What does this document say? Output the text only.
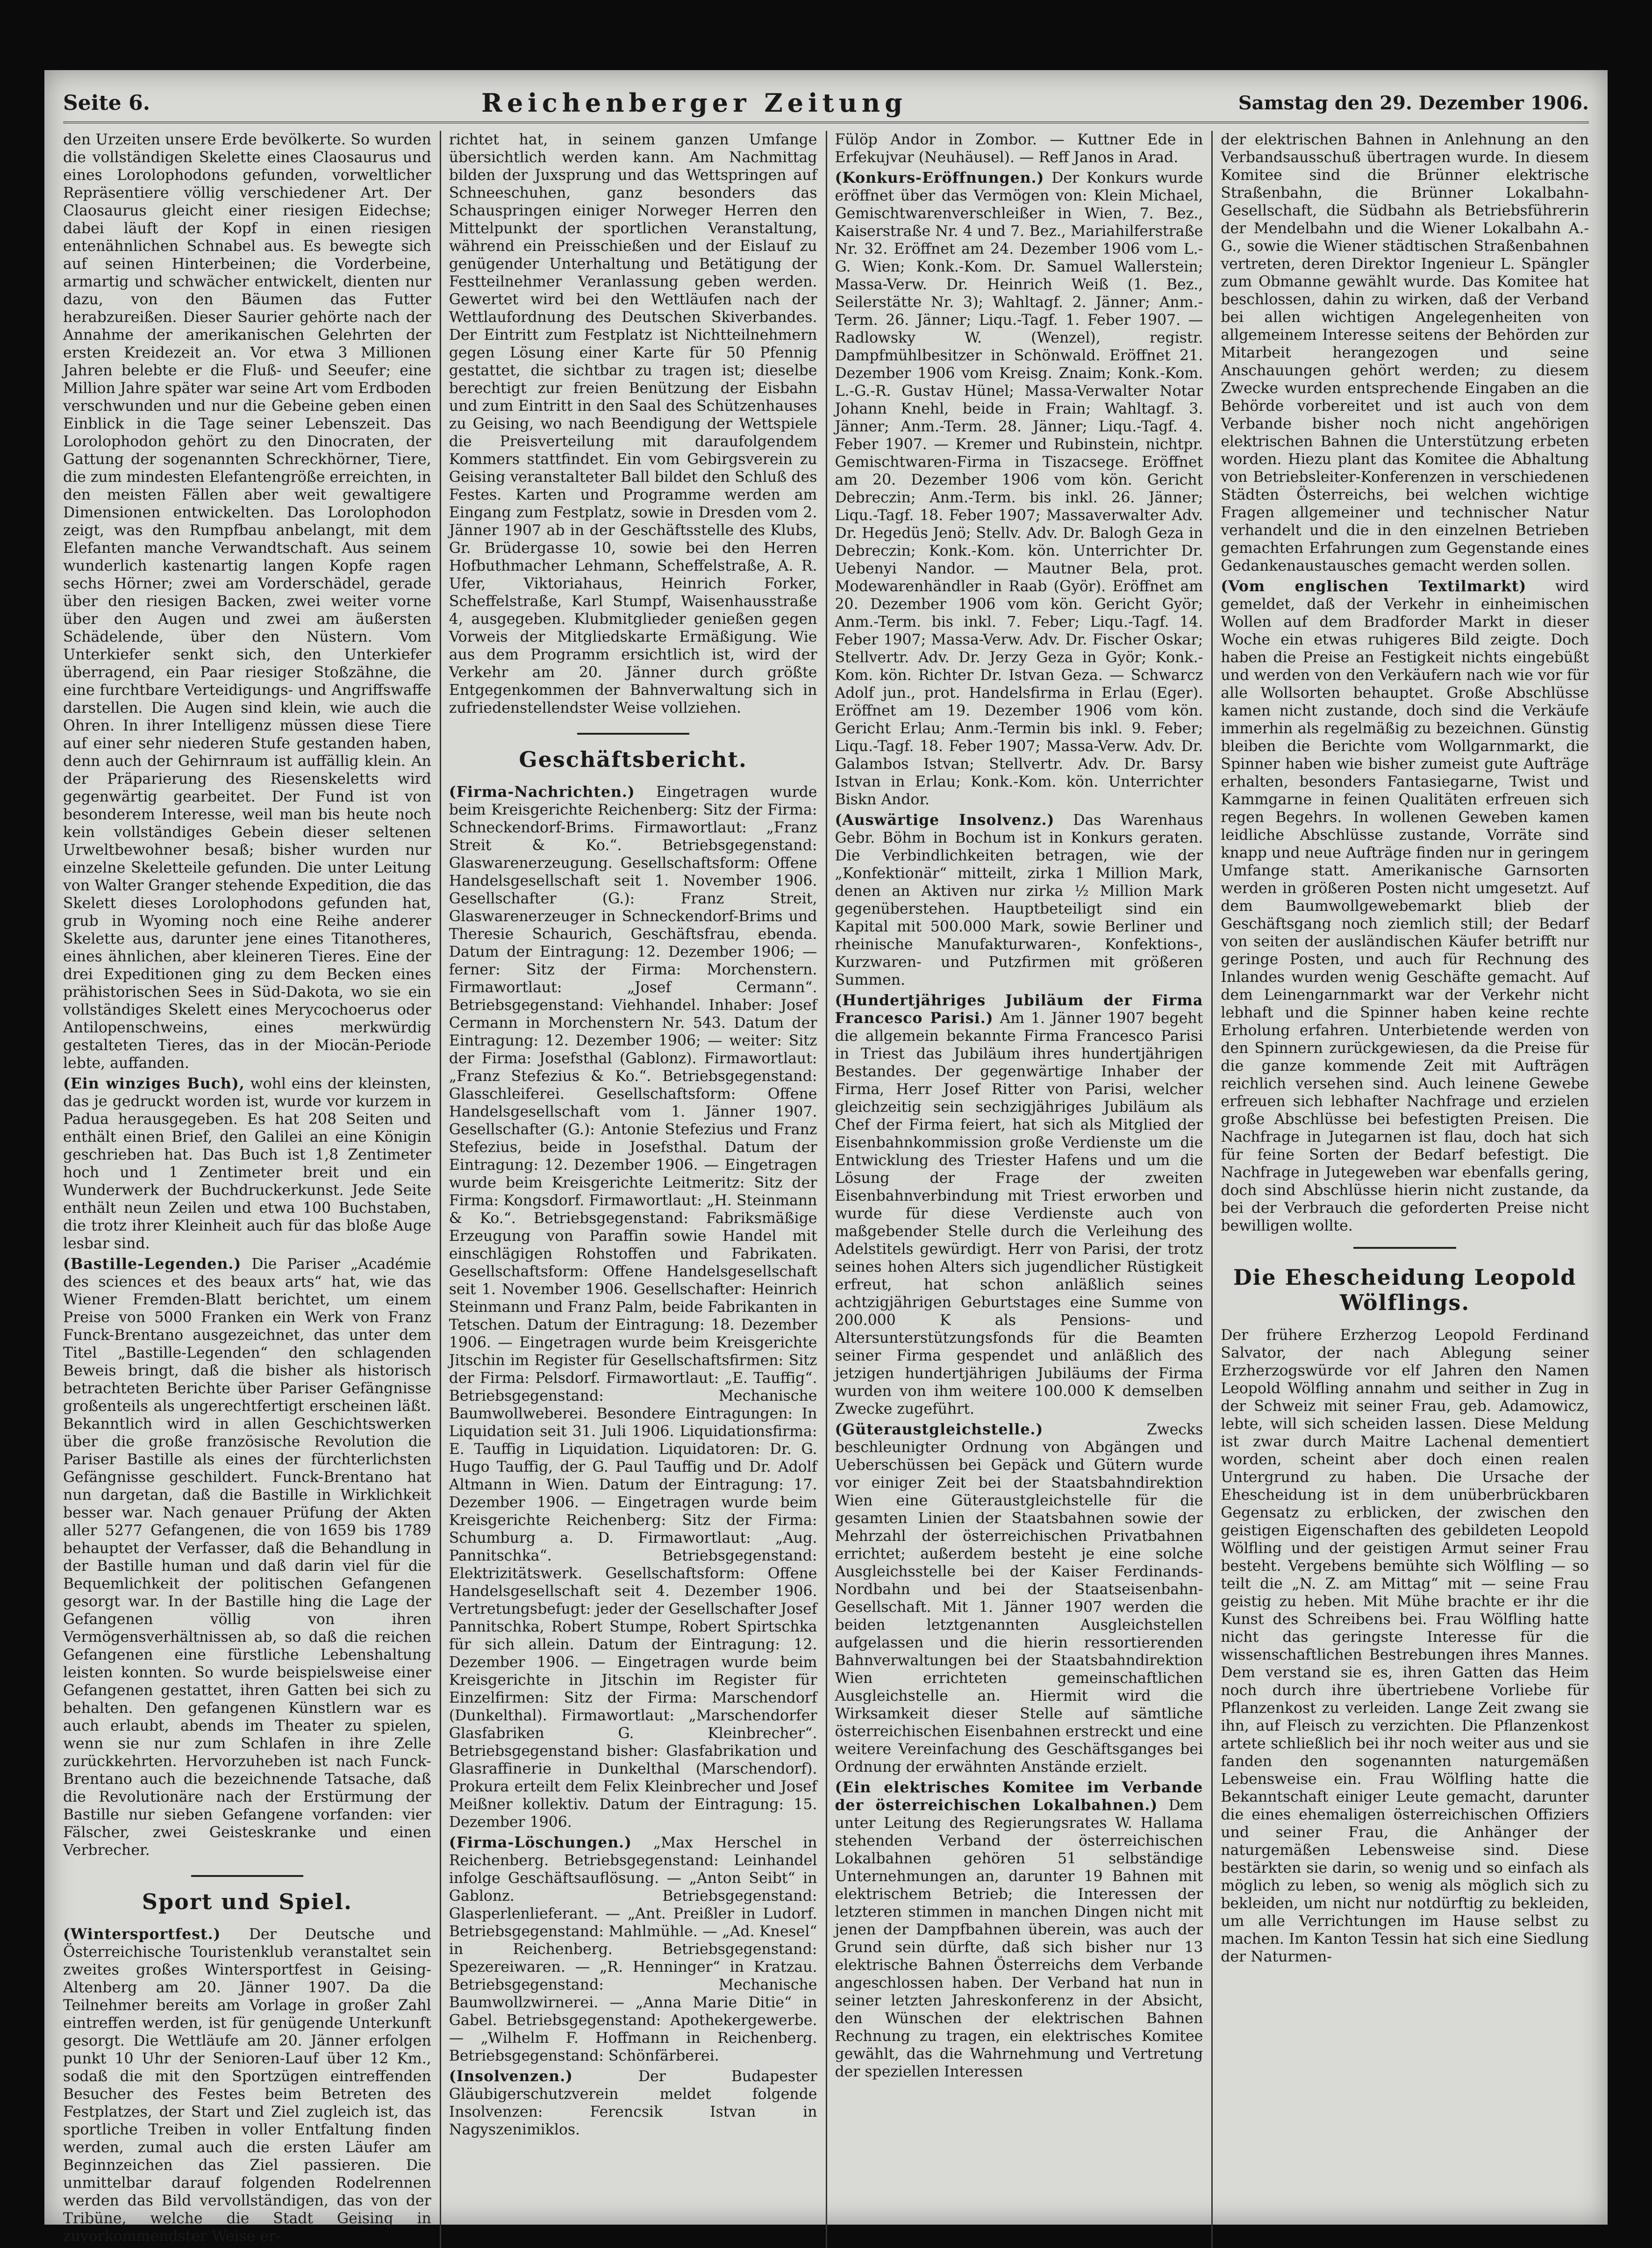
Seite 6.	Reichenberger Zeitung	Samstag den 29. Dezember 1906.

den Urzeiten unsere Erde bevölkerte. So wurden die vollständigen Skelette eines Claosaurus und eines Lorolophodons gefunden, vorweltlicher Repräsentiere völlig verschiedener Art. Der Claosaurus gleicht einer riesigen Eidechse; dabei läuft der Kopf in einen riesigen entenähnlichen Schnabel aus. Es bewegte sich auf seinen Hinterbeinen; die Vorderbeine, armartig und schwächer entwickelt, dienten nur dazu, von den Bäumen das Futter herabzureißen. Dieser Saurier gehörte nach der Annahme der amerikanischen Gelehrten der ersten Kreidezeit an. Vor etwa 3 Millionen Jahren belebte er die Fluß- und Seeufer; eine Million Jahre später war seine Art vom Erdboden verschwunden und nur die Gebeine geben einen Einblick in die Tage seiner Lebenszeit. Das Lorolophodon gehört zu den Dinocraten, der Gattung der sogenannten Schreckhörner, Tiere, die zum mindesten Elefantengröße erreichten, in den meisten Fällen aber weit gewaltigere Dimensionen entwickelten. Das Lorolophodon zeigt, was den Rumpfbau anbelangt, mit dem Elefanten manche Verwandtschaft. Aus seinem wunderlich kastenartig langen Kopfe ragen sechs Hörner; zwei am Vorderschädel, gerade über den riesigen Backen, zwei weiter vorne über den Augen und zwei am äußersten Schädelende, über den Nüstern. Vom Unterkiefer senkt sich, den Unterkiefer überragend, ein Paar riesiger Stoßzähne, die eine furchtbare Verteidigungs- und Angriffswaffe darstellen. Die Augen sind klein, wie auch die Ohren. In ihrer Intelligenz müssen diese Tiere auf einer sehr niederen Stufe gestanden haben, denn auch der Gehirnraum ist auffällig klein. An der Präparierung des Riesenskeletts wird gegenwärtig gearbeitet. Der Fund ist von besonderem Interesse, weil man bis heute noch kein vollständiges Gebein dieser seltenen Urweltbewohner besaß; bisher wurden nur einzelne Skeletteile gefunden. Die unter Leitung von Walter Granger stehende Expedition, die das Skelett dieses Lorolophodons gefunden hat, grub in Wyoming noch eine Reihe anderer Skelette aus, darunter jene eines Titanotheres, eines ähnlichen, aber kleineren Tieres. Eine der drei Expeditionen ging zu dem Becken eines prähistorischen Sees in Süd-Dakota, wo sie ein vollständiges Skelett eines Merycochoerus oder Antilopenschweins, eines merkwürdig gestalteten Tieres, das in der Miocän-Periode lebte, auffanden.

(Ein winziges Buch), wohl eins der kleinsten, das je gedruckt worden ist, wurde vor kurzem in Padua herausgegeben. Es hat 208 Seiten und enthält einen Brief, den Galilei an eine Königin geschrieben hat. Das Buch ist 1,8 Zentimeter hoch und 1 Zentimeter breit und ein Wunderwerk der Buchdruckerkunst. Jede Seite enthält neun Zeilen und etwa 100 Buchstaben, die trotz ihrer Kleinheit auch für das bloße Auge lesbar sind.

(Bastille-Legenden.) Die Pariser „Académie des sciences et des beaux arts“ hat, wie das Wiener Fremden-Blatt berichtet, um einem Preise von 5000 Franken ein Werk von Franz Funck-Brentano ausgezeichnet, das unter dem Titel „Bastille-Legenden“ den schlagenden Beweis bringt, daß die bisher als historisch betrachteten Berichte über Pariser Gefängnisse großenteils als ungerechtfertigt erscheinen läßt. Bekanntlich wird in allen Geschichtswerken über die große französische Revolution die Pariser Bastille als eines der fürchterlichsten Gefängnisse geschildert. Funck-Brentano hat nun dargetan, daß die Bastille in Wirklichkeit besser war. Nach genauer Prüfung der Akten aller 5277 Gefangenen, die von 1659 bis 1789 behauptet der Verfasser, daß die Behandlung in der Bastille human und daß darin viel für die Bequemlichkeit der politischen Gefangenen gesorgt war. In der Bastille hing die Lage der Gefangenen völlig von ihren Vermögensverhältnissen ab, so daß die reichen Gefangenen eine fürstliche Lebenshaltung leisten konnten. So wurde beispielsweise einer Gefangenen gestattet, ihren Gatten bei sich zu behalten. Den gefangenen Künstlern war es auch erlaubt, abends im Theater zu spielen, wenn sie nur zum Schlafen in ihre Zelle zurückkehrten. Hervorzuheben ist nach Funck-Brentano auch die bezeichnende Tatsache, daß die Revolutionäre nach der Erstürmung der Bastille nur sieben Gefangene vorfanden: vier Fälscher, zwei Geisteskranke und einen Verbrecher.

Sport und Spiel.

(Wintersportfest.) Der Deutsche und Österreichische Touristenklub veranstaltet sein zweites großes Wintersportfest in Geising-Altenberg am 20. Jänner 1907. Da die Teilnehmer bereits am Vorlage in großer Zahl eintreffen werden, ist für genügende Unterkunft gesorgt. Die Wettläufe am 20. Jänner erfolgen punkt 10 Uhr der Senioren-Lauf über 12 Km., sodaß die mit den Sportzügen eintreffenden Besucher des Festes beim Betreten des Festplatzes, der Start und Ziel zugleich ist, das sportliche Treiben in voller Entfaltung finden werden, zumal auch die ersten Läufer am Beginnzeichen das Ziel passieren. Die unmittelbar darauf folgenden Rodelrennen werden das Bild vervollständigen, das von der Tribüne, welche die Stadt Geising in zuvorkommendster Weise er-

richtet hat, in seinem ganzen Umfange übersichtlich werden kann. Am Nachmittag bilden der Juxsprung und das Wettspringen auf Schneeschuhen, ganz besonders das Schauspringen einiger Norweger Herren den Mittelpunkt der sportlichen Veranstaltung, während ein Preisschießen und der Eislauf zu genügender Unterhaltung und Betätigung der Festteilnehmer Veranlassung geben werden. Gewertet wird bei den Wettläufen nach der Wettlaufordnung des Deutschen Skiverbandes. Der Eintritt zum Festplatz ist Nichtteilnehmern gegen Lösung einer Karte für 50 Pfennig gestattet, die sichtbar zu tragen ist; dieselbe berechtigt zur freien Benützung der Eisbahn und zum Eintritt in den Saal des Schützenhauses zu Geising, wo nach Beendigung der Wettspiele die Preisverteilung mit daraufolgendem Kommers stattfindet. Ein vom Gebirgsverein zu Geising veranstalteter Ball bildet den Schluß des Festes. Karten und Programme werden am Eingang zum Festplatz, sowie in Dresden vom 2. Jänner 1907 ab in der Geschäftsstelle des Klubs, Gr. Brüdergasse 10, sowie bei den Herren Hofbuthmacher Lehmann, Scheffelstraße, A. R. Ufer, Viktoriahaus, Heinrich Forker, Scheffelstraße, Karl Stumpf, Waisenhausstraße 4, ausgegeben. Klubmitglieder genießen gegen Vorweis der Mitgliedskarte Ermäßigung. Wie aus dem Programm ersichtlich ist, wird der Verkehr am 20. Jänner durch größte Entgegenkommen der Bahnverwaltung sich in zufriedenstellendster Weise vollziehen.

Geschäftsbericht.

(Firma-Nachrichten.) Eingetragen wurde beim Kreisgerichte Reichenberg: Sitz der Firma: Schneckendorf-Brims. Firmawortlaut: „Franz Streit & Ko.“. Betriebsgegenstand: Glaswarenerzeugung. Gesellschaftsform: Offene Handelsgesellschaft seit 1. November 1906. Gesellschafter (G.): Franz Streit, Glaswarenerzeuger in Schneckendorf-Brims und Theresie Schaurich, Geschäftsfrau, ebenda. Datum der Eintragung: 12. Dezember 1906; — ferner: Sitz der Firma: Morchenstern. Firmawortlaut: „Josef Cermann“. Betriebsgegenstand: Viehhandel. Inhaber: Josef Cermann in Morchenstern Nr. 543. Datum der Eintragung: 12. Dezember 1906; — weiter: Sitz der Firma: Josefsthal (Gablonz). Firmawortlaut: „Franz Stefezius & Ko.“. Betriebsgegenstand: Glasschleiferei. Gesellschaftsform: Offene Handelsgesellschaft vom 1. Jänner 1907. Gesellschafter (G.): Antonie Stefezius und Franz Stefezius, beide in Josefsthal. Datum der Eintragung: 12. Dezember 1906. — Eingetragen wurde beim Kreisgerichte Leitmeritz: Sitz der Firma: Kongsdorf. Firmawortlaut: „H. Steinmann & Ko.“. Betriebsgegenstand: Fabriksmäßige Erzeugung von Paraffin sowie Handel mit einschlägigen Rohstoffen und Fabrikaten. Gesellschaftsform: Offene Handelsgesellschaft seit 1. November 1906. Gesellschafter: Heinrich Steinmann und Franz Palm, beide Fabrikanten in Tetschen. Datum der Eintragung: 18. Dezember 1906. — Eingetragen wurde beim Kreisgerichte Jitschin im Register für Gesellschaftsfirmen: Sitz der Firma: Pelsdorf. Firmawortlaut: „E. Tauffig“. Betriebsgegenstand: Mechanische Baumwollweberei. Besondere Eintragungen: In Liquidation seit 31. Juli 1906. Liquidationsfirma: E. Tauffig in Liquidation. Liquidatoren: Dr. G. Hugo Tauffig, der G. Paul Tauffig und Dr. Adolf Altmann in Wien. Datum der Eintragung: 17. Dezember 1906. — Eingetragen wurde beim Kreisgerichte Reichenberg: Sitz der Firma: Schumburg a. D. Firmawortlaut: „Aug. Pannitschka“. Betriebsgegenstand: Elektrizitätswerk. Gesellschaftsform: Offene Handelsgesellschaft seit 4. Dezember 1906. Vertretungsbefugt: jeder der Gesellschafter Josef Pannitschka, Robert Stumpe, Robert Spirtschka für sich allein. Datum der Eintragung: 12. Dezember 1906. — Eingetragen wurde beim Kreisgerichte in Jitschin im Register für Einzelfirmen: Sitz der Firma: Marschendorf (Dunkelthal). Firmawortlaut: „Marschendorfer Glasfabriken G. Kleinbrecher“. Betriebsgegenstand bisher: Glasfabrikation und Glasraffinerie in Dunkelthal (Marschendorf). Prokura erteilt dem Felix Kleinbrecher und Josef Meißner kollektiv. Datum der Eintragung: 15. Dezember 1906.

(Firma-Löschungen.) „Max Herschel in Reichenberg. Betriebsgegenstand: Leinhandel infolge Geschäftsauflösung. — „Anton Seibt“ in Gablonz. Betriebsgegenstand: Glasperlenlieferant. — „Ant. Preißler in Ludorf. Betriebsgegenstand: Mahlmühle. — „Ad. Knesel“ in Reichenberg. Betriebsgegenstand: Spezereiwaren. — „R. Henninger“ in Kratzau. Betriebsgegenstand: Mechanische Baumwollzwirnerei. — „Anna Marie Ditie“ in Gabel. Betriebsgegenstand: Apothekergewerbe. — „Wilhelm F. Hoffmann in Reichenberg. Betriebsgegenstand: Schönfärberei.

(Insolvenzen.)	Der Budapester Gläubigerschutzverein meldet folgende Insolvenzen: Ferencsik Istvan in Nagyszenimiklos.

Fülöp Andor in Zombor. — Kuttner Ede in Erfekujvar (Neuhäusel). — Reff Janos in Arad.

(Konkurs-Eröffnungen.) Der Konkurs wurde eröffnet über das Vermögen von: Klein Michael, Gemischtwarenverschleißer in Wien, 7. Bez., Kaiserstraße Nr. 4 und 7. Bez., Mariahilferstraße Nr. 32. Eröffnet am 24. Dezember 1906 vom L.-G. Wien; Konk.-Kom. Dr. Samuel Wallerstein; Massa-Verw. Dr. Heinrich Weiß (1. Bez., Seilerstätte Nr. 3); Wahltagf. 2. Jänner; Anm.-Term. 26. Jänner; Liqu.-Tagf. 1. Feber 1907. — Radlowsky W. (Wenzel), registr. Dampfmühlbesitzer in Schönwald. Eröffnet 21. Dezember 1906 vom Kreisg. Znaim; Konk.-Kom. L.-G.-R. Gustav Hünel; Massa-Verwalter Notar Johann Knehl, beide in Frain; Wahltagf. 3. Jänner; Anm.-Term. 28. Jänner; Liqu.-Tagf. 4. Feber 1907. — Kremer und Rubinstein, nichtpr. Gemischtwaren-Firma in Tiszacsege. Eröffnet am 20. Dezember 1906 vom kön. Gericht Debreczin; Anm.-Term. bis inkl. 26. Jänner; Liqu.-Tagf. 18. Feber 1907; Massaverwalter Adv. Dr. Hegedüs Jenö; Stellv. Adv. Dr. Balogh Geza in Debreczin; Konk.-Kom. kön. Unterrichter Dr. Uebenyi Nandor. — Mautner Bela, prot. Modewarenhändler in Raab (Györ). Eröffnet am 20. Dezember 1906 vom kön. Gericht Györ; Anm.-Term. bis inkl. 7. Feber; Liqu.-Tagf. 14. Feber 1907; Massa-Verw. Adv. Dr. Fischer Oskar; Stellvertr. Adv. Dr. Jerzy Geza in Györ; Konk.-Kom. kön. Richter Dr. Istvan Geza. — Schwarcz Adolf jun., prot. Handelsfirma in Erlau (Eger). Eröffnet am 19. Dezember 1906 vom kön. Gericht Erlau; Anm.-Termin bis inkl. 9. Feber; Liqu.-Tagf. 18. Feber 1907; Massa-Verw. Adv. Dr. Galambos Istvan; Stellvertr. Adv. Dr. Barsy Istvan in Erlau; Konk.-Kom. kön. Unterrichter Biskn Andor.

(Auswärtige Insolvenz.) Das Warenhaus Gebr. Böhm in Bochum ist in Konkurs geraten. Die Verbindlichkeiten betragen, wie der „Konfektionär“ mitteilt, zirka 1 Million Mark, denen an Aktiven nur zirka ½ Million Mark gegenüberstehen. Hauptbeteiligt sind ein Kapital mit 500.000 Mark, sowie Berliner und rheinische Manufakturwaren-, Konfektions-, Kurzwaren- und Putzfirmen mit größeren Summen.

(Hundertjähriges Jubiläum der Firma Francesco Parisi.) Am 1. Jänner 1907 begeht die allgemein bekannte Firma Francesco Parisi in Triest das Jubiläum ihres hundertjährigen Bestandes. Der gegenwärtige Inhaber der Firma, Herr Josef Ritter von Parisi, welcher gleichzeitig sein sechzigjähriges Jubiläum als Chef der Firma feiert, hat sich als Mitglied der Eisenbahnkommission große Verdienste um die Entwicklung des Triester Hafens und um die Lösung der Frage der zweiten Eisenbahnverbindung mit Triest erworben und wurde für diese Verdienste auch von maßgebender Stelle durch die Verleihung des Adelstitels gewürdigt. Herr von Parisi, der trotz seines hohen Alters sich jugendlicher Rüstigkeit erfreut, hat schon anläßlich seines achtzigjährigen Geburtstages eine Summe von 200.000 K als Pensions- und Altersunterstützungsfonds für die Beamten seiner Firma gespendet und anläßlich des jetzigen hundertjährigen Jubiläums der Firma wurden von ihm weitere 100.000 K demselben Zwecke zugeführt.

(Güteraustgleichstelle.)	Zwecks beschleunigter Ordnung von Abgängen und Ueberschüssen bei Gepäck und Gütern wurde vor einiger Zeit bei der Staatsbahndirektion Wien eine Güteraustgleichstelle für die gesamten Linien der Staatsbahnen sowie der Mehrzahl der österreichischen Privatbahnen errichtet; außerdem besteht je eine solche Ausgleichsstelle bei der Kaiser Ferdinands-Nordbahn und bei der Staatseisenbahn-Gesellschaft. Mit 1. Jänner 1907 werden die beiden letztgenannten Ausgleichstellen aufgelassen und die hierin ressortierenden Bahnverwaltungen bei der Staatsbahndirektion Wien errichteten gemeinschaftlichen Ausgleichstelle an. Hiermit wird die Wirksamkeit dieser Stelle auf sämtliche österreichischen Eisenbahnen erstreckt und eine weitere Vereinfachung des Geschäftsganges bei Ordnung der erwähnten Anstände erzielt.

(Ein elektrisches Komitee im Verbande der österreichischen Lokalbahnen.) Dem unter Leitung des Regierungsrates W. Hallama stehenden Verband der österreichischen Lokalbahnen gehören 51 selbständige Unternehmungen an, darunter 19 Bahnen mit elektrischem Betrieb; die Interessen der letzteren stimmen in manchen Dingen nicht mit jenen der Dampfbahnen überein, was auch der Grund sein dürfte, daß sich bisher nur 13 elektrische Bahnen Österreichs dem Verbande angeschlossen haben. Der Verband hat nun in seiner letzten Jahreskonferenz in der Absicht, den Wünschen der elektrischen Bahnen Rechnung zu tragen, ein elektrisches Komitee gewählt, das die Wahrnehmung und Vertretung der speziellen Interessen

der elektrischen Bahnen in Anlehnung an den Verbandsausschuß übertragen wurde. In diesem Komitee sind die Brünner elektrische Straßenbahn, die Brünner Lokalbahn-Gesellschaft, die Südbahn als Betriebsführerin der Mendelbahn und die Wiener Lokalbahn A.-G., sowie die Wiener städtischen Straßenbahnen vertreten, deren Direktor Ingenieur L. Spängler zum Obmanne gewählt wurde. Das Komitee hat beschlossen, dahin zu wirken, daß der Verband bei allen wichtigen Angelegenheiten von allgemeinem Interesse seitens der Behörden zur Mitarbeit herangezogen und seine Anschauungen gehört werden; zu diesem Zwecke wurden entsprechende Eingaben an die Behörde vorbereitet und ist auch von dem Verbande bisher noch nicht angehörigen elektrischen Bahnen die Unterstützung erbeten worden. Hiezu plant das Komitee die Abhaltung von Betriebsleiter-Konferenzen in verschiedenen Städten Österreichs, bei welchen wichtige Fragen allgemeiner und technischer Natur verhandelt und die in den einzelnen Betrieben gemachten Erfahrungen zum Gegenstande eines Gedankenaustausches gemacht werden sollen.

(Vom englischen Textilmarkt) wird gemeldet, daß der Verkehr in einheimischen Wollen auf dem Bradforder Markt in dieser Woche ein etwas ruhigeres Bild zeigte. Doch haben die Preise an Festigkeit nichts eingebüßt und werden von den Verkäufern nach wie vor für alle Wollsorten behauptet. Große Abschlüsse kamen nicht zustande, doch sind die Verkäufe immerhin als regelmäßig zu bezeichnen. Günstig bleiben die Berichte vom Wollgarnmarkt, die Spinner haben wie bisher zumeist gute Aufträge erhalten, besonders Fantasiegarne, Twist und Kammgarne in feinen Qualitäten erfreuen sich regen Begehrs. In wollenen Geweben kamen leidliche Abschlüsse zustande, Vorräte sind knapp und neue Aufträge finden nur in geringem Umfange statt. Amerikanische Garnsorten werden in größeren Posten nicht umgesetzt. Auf dem Baumwollgewebemarkt blieb der Geschäftsgang noch ziemlich still; der Bedarf von seiten der ausländischen Käufer betrifft nur geringe Posten, und auch für Rechnung des Inlandes wurden wenig Geschäfte gemacht. Auf dem Leinengarnmarkt war der Verkehr nicht lebhaft und die Spinner haben keine rechte Erholung erfahren. Unterbietende werden von den Spinnern zurückgewiesen, da die Preise für die ganze kommende Zeit mit Aufträgen reichlich versehen sind. Auch leinene Gewebe erfreuen sich lebhafter Nachfrage und erzielen große Abschlüsse bei befestigten Preisen. Die Nachfrage in Jutegarnen ist flau, doch hat sich für feine Sorten der Bedarf befestigt. Die Nachfrage in Jutegeweben war ebenfalls gering, doch sind Abschlüsse hierin nicht zustande, da bei der Verbrauch die geforderten Preise nicht bewilligen wollte.

Die Ehescheidung Leopold Wölflings.

Der frühere Erzherzog Leopold Ferdinand Salvator, der nach Ablegung seiner Erzherzogswürde vor elf Jahren den Namen Leopold Wölfling annahm und seither in Zug in der Schweiz mit seiner Frau, geb. Adamowicz, lebte, will sich scheiden lassen. Diese Meldung ist zwar durch Maitre Lachenal dementiert worden, scheint aber doch einen realen Untergrund zu haben. Die Ursache der Ehescheidung ist in dem unüberbrückbaren Gegensatz zu erblicken, der zwischen den geistigen Eigenschaften des gebildeten Leopold Wölfling und der geistigen Armut seiner Frau besteht. Vergebens bemühte sich Wölfling — so teilt die „N. Z. am Mittag“ mit — seine Frau geistig zu heben. Mit Mühe brachte er ihr die Kunst des Schreibens bei. Frau Wölfling hatte nicht das geringste Interesse für die wissenschaftlichen Bestrebungen ihres Mannes. Dem verstand sie es, ihren Gatten das Heim noch durch ihre übertriebene Vorliebe für Pflanzenkost zu verleiden. Lange Zeit zwang sie ihn, auf Fleisch zu verzichten. Die Pflanzenkost artete schließlich bei ihr noch weiter aus und sie fanden den sogenannten naturgemäßen Lebensweise ein. Frau Wölfling hatte die Bekanntschaft einiger Leute gemacht, darunter die eines ehemaligen österreichischen Offiziers und seiner Frau, die Anhänger der naturgemäßen Lebensweise sind. Diese bestärkten sie darin, so wenig und so einfach als möglich zu leben, so wenig als möglich sich zu bekleiden, um nicht nur notdürftig zu bekleiden, um alle Verrichtungen im Hause selbst zu machen. Im Kanton Tessin hat sich eine Siedlung der Naturmen-
